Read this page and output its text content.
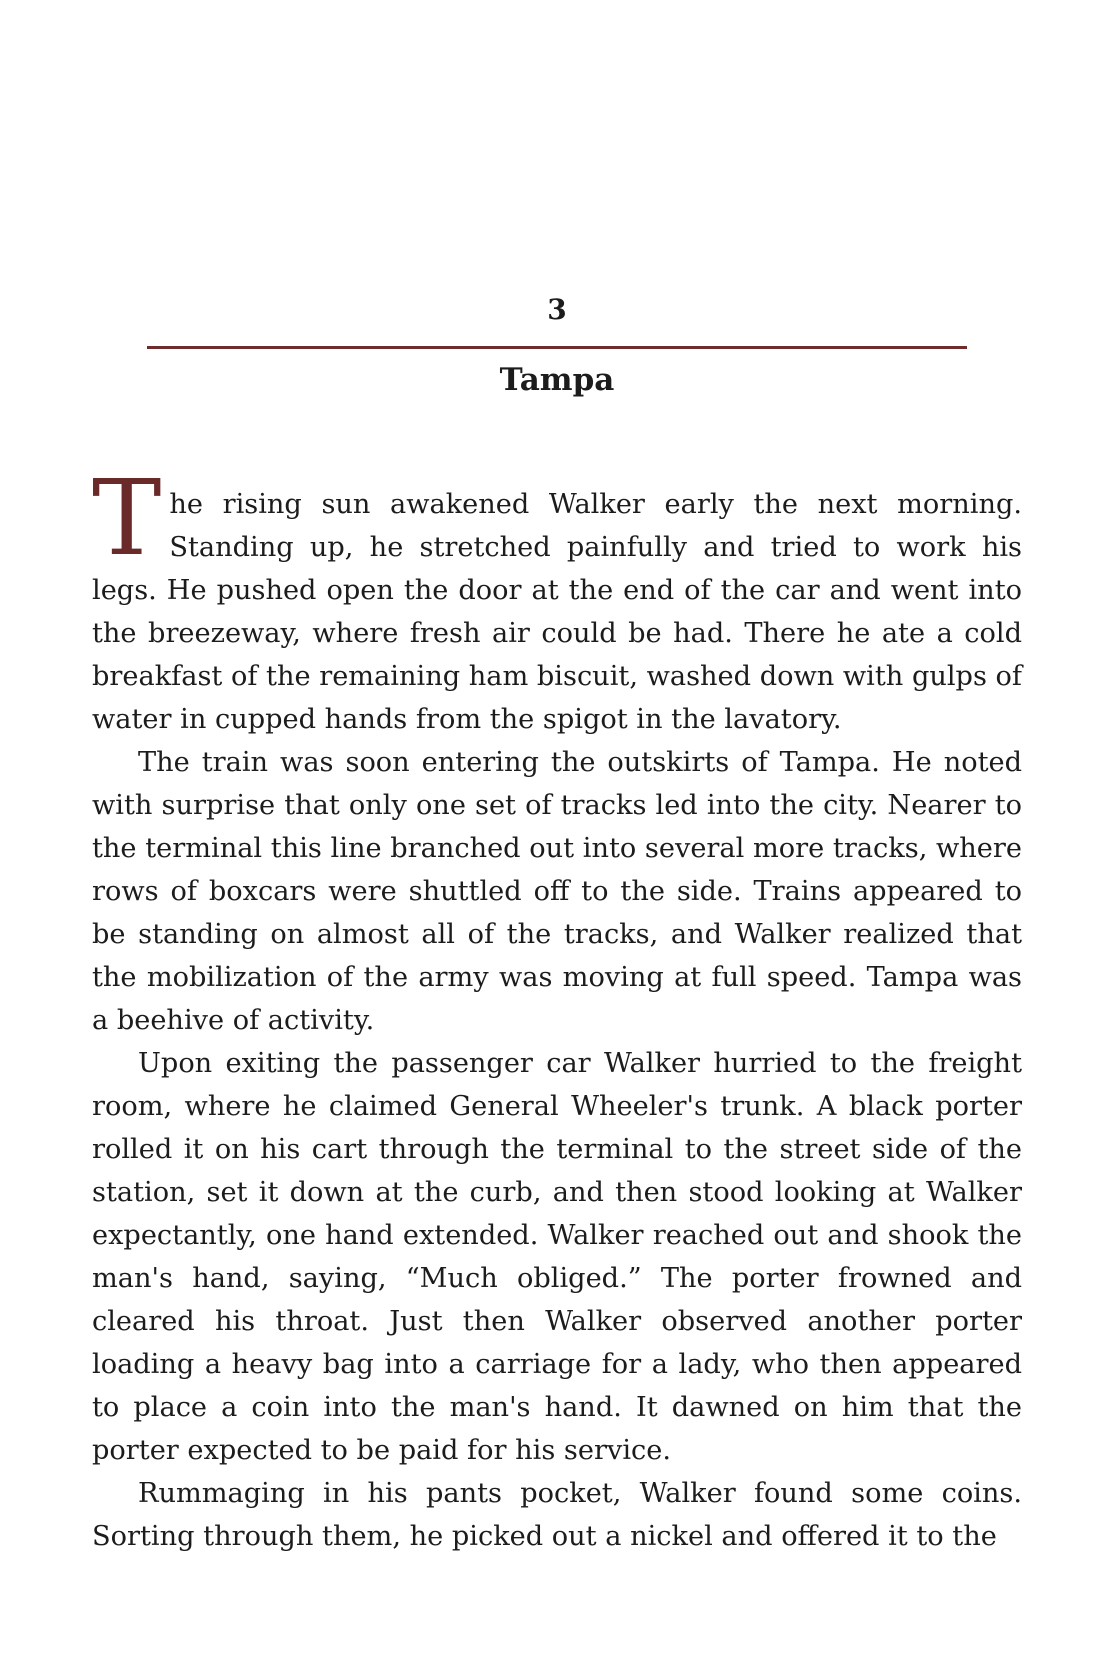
3
Tampa

The rising sun awakened Walker early the next morning. Standing up, he stretched painfully and tried to work his legs. He pushed open the door at the end of the car and went into the breezeway, where fresh air could be had. There he ate a cold breakfast of the remaining ham biscuit, washed down with gulps of water in cupped hands from the spigot in the lavatory.

The train was soon entering the outskirts of Tampa. He noted with surprise that only one set of tracks led into the city. Nearer to the terminal this line branched out into several more tracks, where rows of boxcars were shuttled off to the side. Trains appeared to be standing on almost all of the tracks, and Walker realized that the mobilization of the army was moving at full speed. Tampa was a beehive of activity.

Upon exiting the passenger car Walker hurried to the freight room, where he claimed General Wheeler's trunk. A black porter rolled it on his cart through the terminal to the street side of the station, set it down at the curb, and then stood looking at Walker expectantly, one hand extended. Walker reached out and shook the man's hand, saying, “Much obliged.” The porter frowned and cleared his throat. Just then Walker observed another porter loading a heavy bag into a carriage for a lady, who then appeared to place a coin into the man's hand. It dawned on him that the porter expected to be paid for his service.

Rummaging in his pants pocket, Walker found some coins. Sorting through them, he picked out a nickel and offered it to the
